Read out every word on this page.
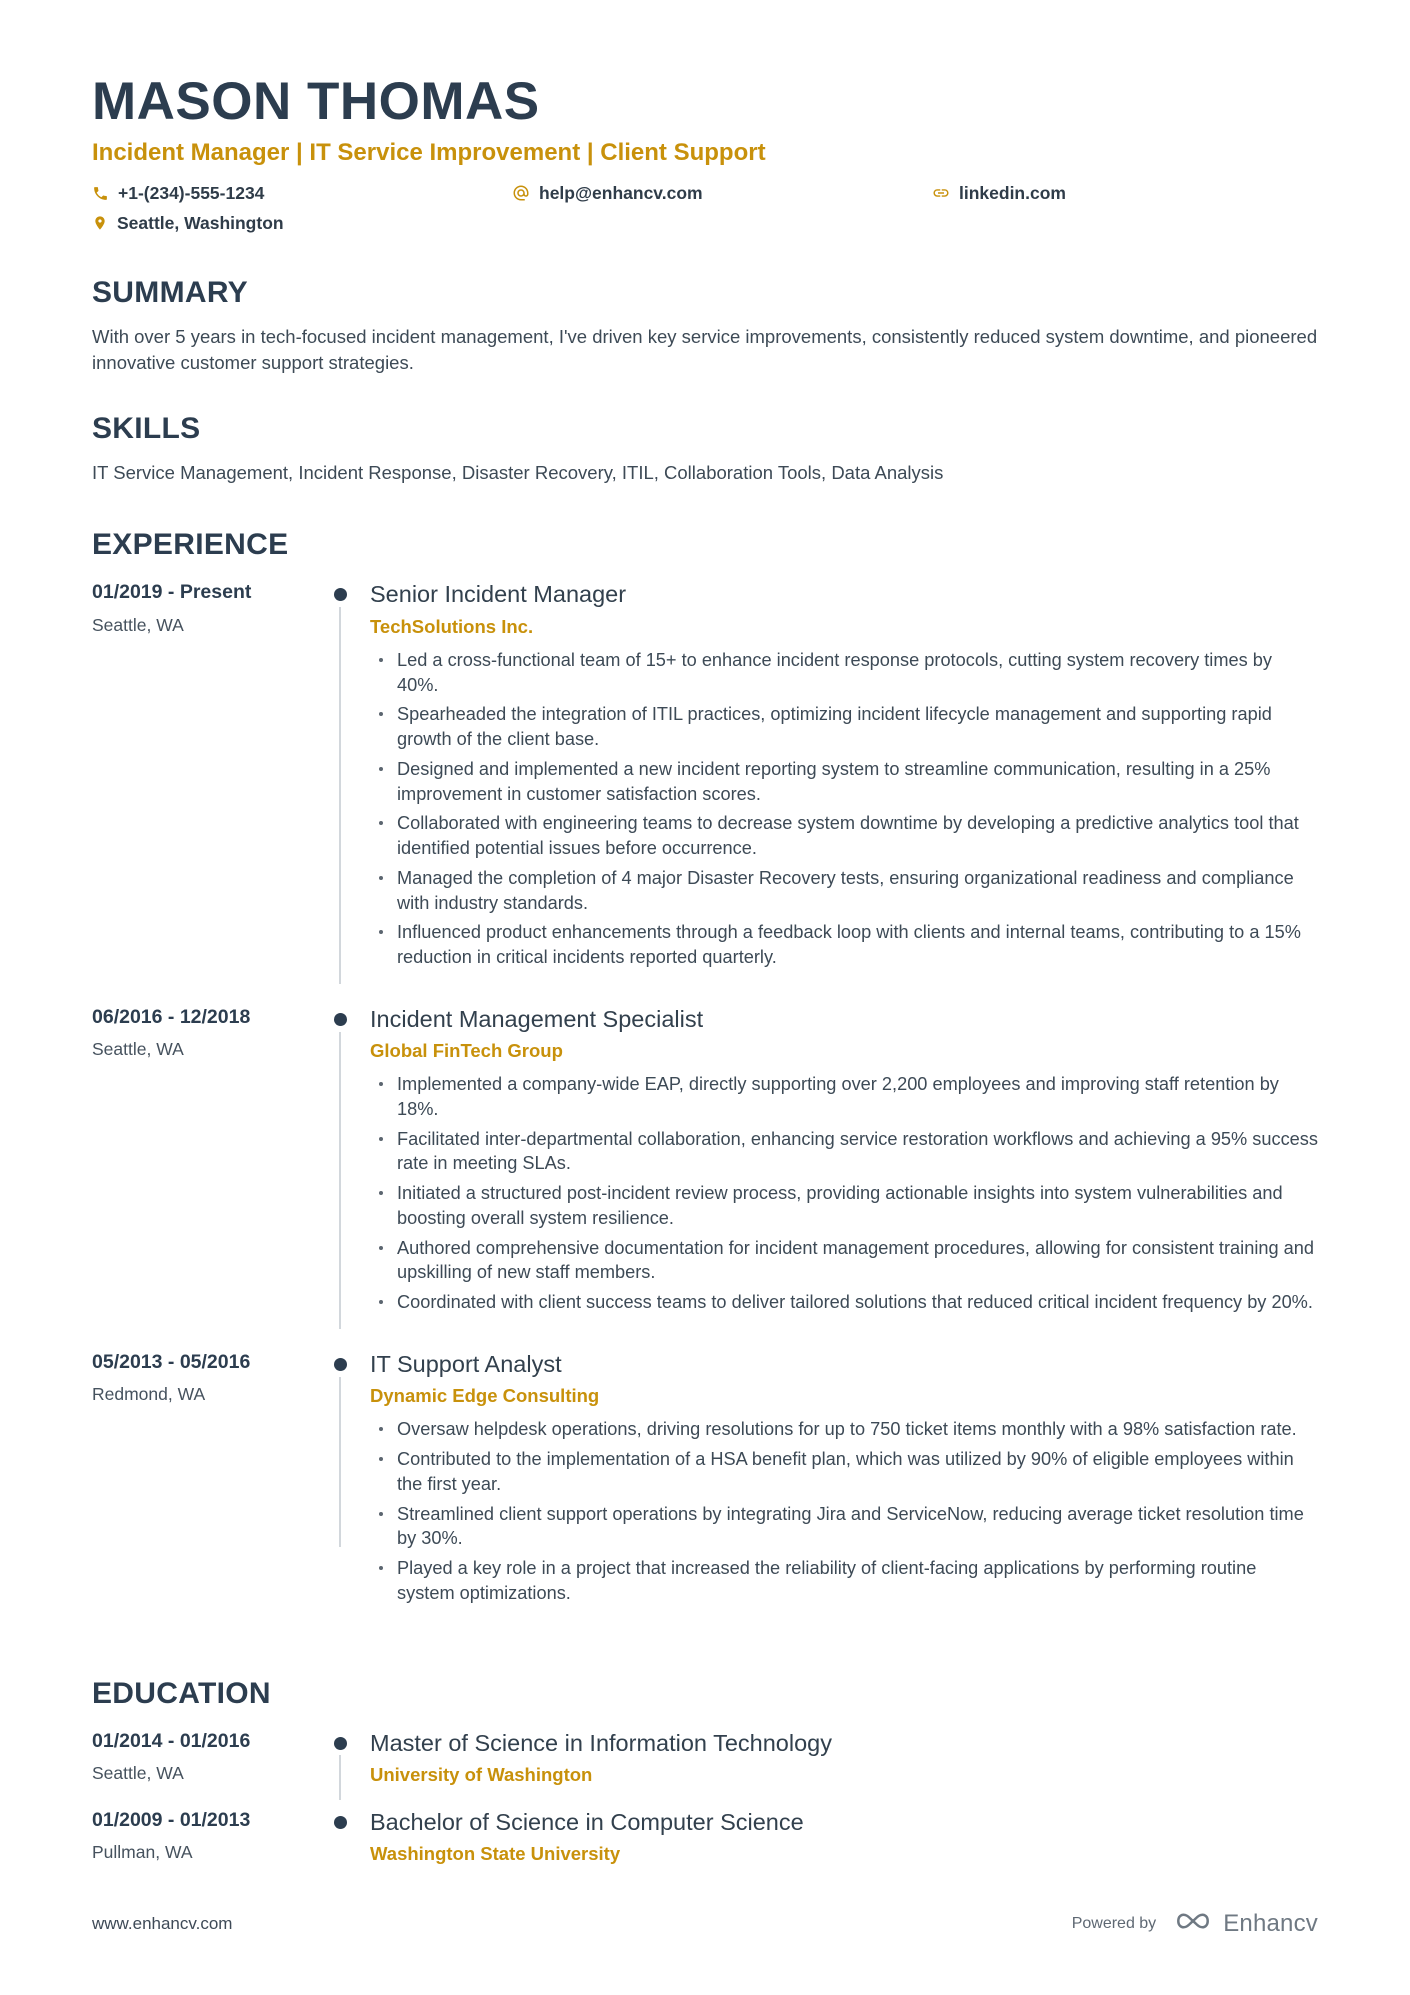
MASON THOMAS
Incident Manager | IT Service Improvement | Client Support
+1-(234)-555-1234	help@enhancv.com	linkedin.com
Seattle, Washington
SUMMARY

With over 5 years in tech-focused incident management, I've driven key service improvements, consistently reduced system downtime, and pioneered innovative customer support strategies.

SKILLS

IT Service Management, Incident Response, Disaster Recovery, ITIL, Collaboration Tools, Data Analysis

EXPERIENCE
01/2019 - Present
Seattle, WA
Senior Incident Manager
TechSolutions Inc.
Led a cross-functional team of 15+ to enhance incident response protocols, cutting system recovery times by 40%.
Spearheaded the integration of ITIL practices, optimizing incident lifecycle management and supporting rapid growth of the client base.
Designed and implemented a new incident reporting system to streamline communication, resulting in a 25% improvement in customer satisfaction scores.
Collaborated with engineering teams to decrease system downtime by developing a predictive analytics tool that identified potential issues before occurrence.
Managed the completion of 4 major Disaster Recovery tests, ensuring organizational readiness and compliance with industry standards.
Influenced product enhancements through a feedback loop with clients and internal teams, contributing to a 15% reduction in critical incidents reported quarterly.
06/2016 - 12/2018
Seattle, WA
Incident Management Specialist
Global FinTech Group
Implemented a company-wide EAP, directly supporting over 2,200 employees and improving staff retention by 18%.
Facilitated inter-departmental collaboration, enhancing service restoration workflows and achieving a 95% success rate in meeting SLAs.
Initiated a structured post-incident review process, providing actionable insights into system vulnerabilities and boosting overall system resilience.
Authored comprehensive documentation for incident management procedures, allowing for consistent training and upskilling of new staff members.
Coordinated with client success teams to deliver tailored solutions that reduced critical incident frequency by 20%.
05/2013 - 05/2016
Redmond, WA
IT Support Analyst
Dynamic Edge Consulting
Oversaw helpdesk operations, driving resolutions for up to 750 ticket items monthly with a 98% satisfaction rate.
Contributed to the implementation of a HSA benefit plan, which was utilized by 90% of eligible employees within the first year.
Streamlined client support operations by integrating Jira and ServiceNow, reducing average ticket resolution time by 30%.
Played a key role in a project that increased the reliability of client-facing applications by performing routine system optimizations.
EDUCATION
01/2014 - 01/2016
Seattle, WA
Master of Science in Information Technology
University of Washington
01/2009 - 01/2013
Pullman, WA
Bachelor of Science in Computer Science
Washington State University
www.enhancv.com	Powered by	Enhancv
